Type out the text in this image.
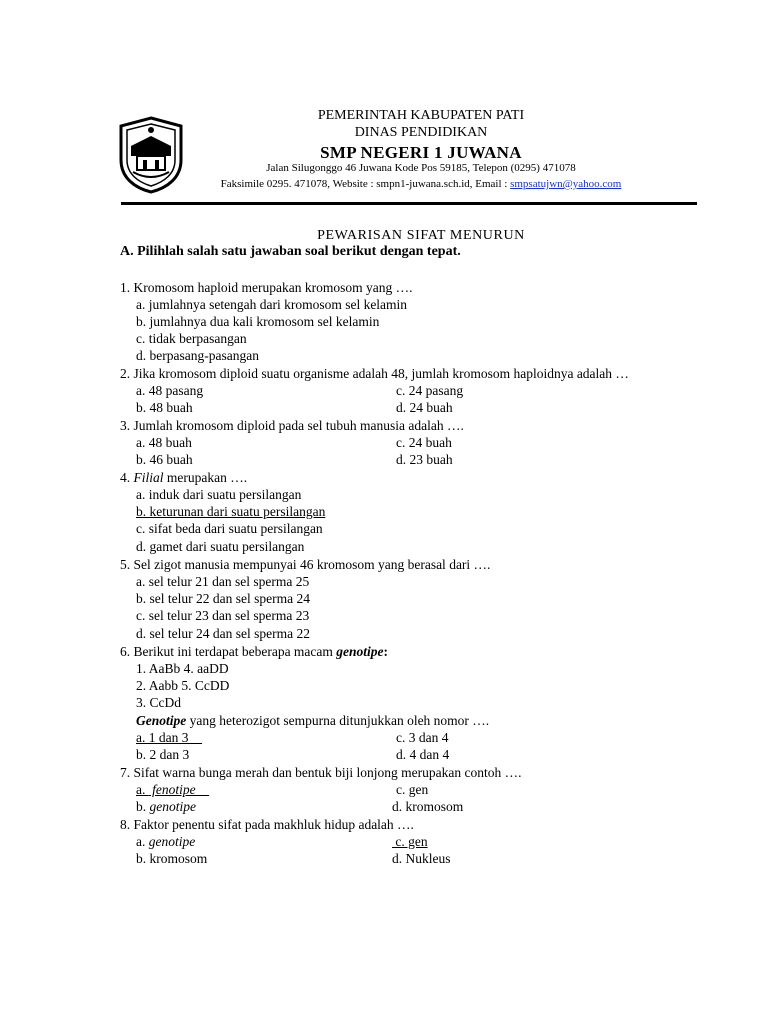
PEMERINTAH KABUPATEN PATI
DINAS PENDIDIKAN
SMP NEGERI 1 JUWANA
Jalan Silugonggo 46 Juwana Kode Pos 59185, Telepon (0295) 471078
Faksimile 0295. 471078, Website : smpn1-juwana.sch.id, Email : smpsatujwn@yahoo.com
PEWARISAN SIFAT MENURUN
A. Pilihlah salah satu jawaban soal berikut dengan tepat.
1. Kromosom haploid merupakan kromosom yang ….
a. jumlahnya setengah dari kromosom sel kelamin
b. jumlahnya dua kali kromosom sel kelamin
c. tidak berpasangan
d. berpasang-pasangan
2. Jika kromosom diploid suatu organisme adalah 48, jumlah kromosom haploidnya adalah …
a. 48 pasang	c. 24 pasang
b. 48 buah	d. 24 buah
3. Jumlah kromosom diploid pada sel tubuh manusia adalah ….
a. 48 buah	c. 24 buah
b. 46 buah	d. 23 buah
4. Filial merupakan ….
a. induk dari suatu persilangan
b. keturunan dari suatu persilangan
c. sifat beda dari suatu persilangan
d. gamet dari suatu persilangan
5. Sel zigot manusia mempunyai 46 kromosom yang berasal dari ….
a. sel telur 21 dan sel sperma 25
b. sel telur 22 dan sel sperma 24
c. sel telur 23 dan sel sperma 23
d. sel telur 24 dan sel sperma 22
6. Berikut ini terdapat beberapa macam genotipe:
1. AaBb 4. aaDD
2. Aabb 5. CcDD
3. CcDd
Genotipe yang heterozigot sempurna ditunjukkan oleh nomor ….
a. 1 dan 3	c. 3 dan 4
b. 2 dan 3	d. 4 dan 4
7. Sifat warna bunga merah dan bentuk biji lonjong merupakan contoh ….
a.  fenotipe	c. gen
b. genotipe	d. kromosom
8. Faktor penentu sifat pada makhluk hidup adalah ….
a. genotipe	c. gen
b. kromosom	d. Nukleus
